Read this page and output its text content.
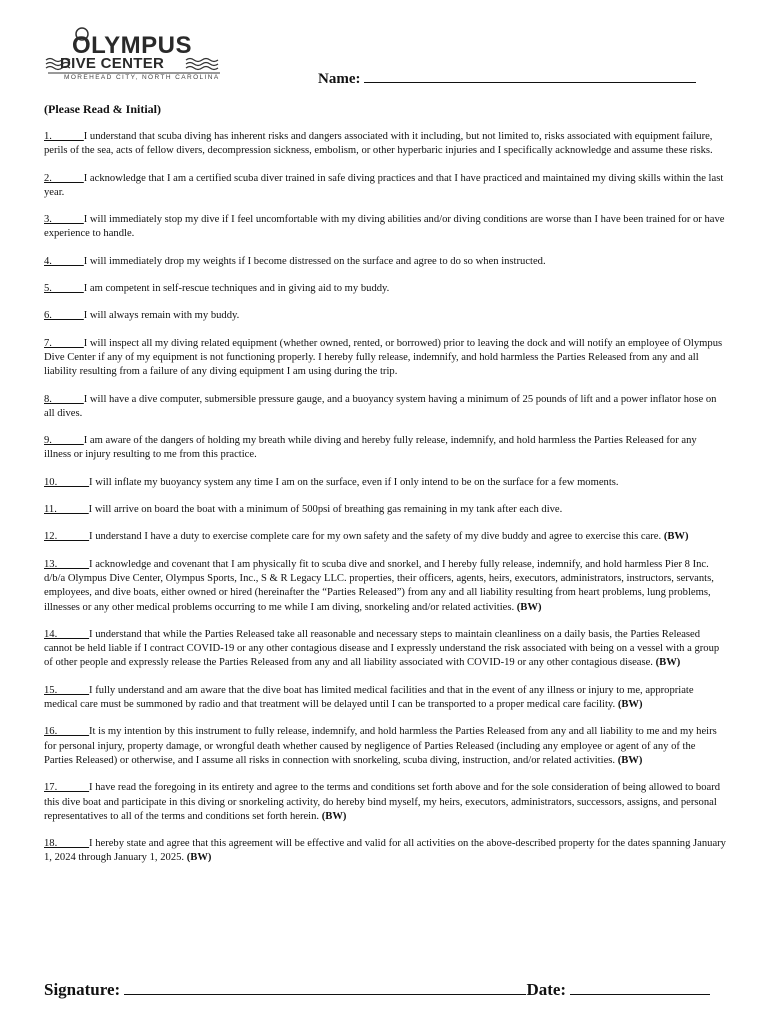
OLYMPUS
DIVE CENTER
MOREHEAD CITY, NORTH CAROLINA	Name:
(Please Read & Initial)
1.______I understand that scuba diving has inherent risks and dangers associated with it including, but not limited to, risks associated with equipment failure, perils of the sea, acts of fellow divers, decompression sickness, embolism, or other hyperbaric injuries and I specifically acknowledge and assume these risks.
2.______I acknowledge that I am a certified scuba diver trained in safe diving practices and that I have practiced and maintained my diving skills within the last year.
3.______I will immediately stop my dive if I feel uncomfortable with my diving abilities and/or diving conditions are worse than I have been trained for or have experience to handle.
4.______I will immediately drop my weights if I become distressed on the surface and agree to do so when instructed.
5.______I am competent in self-rescue techniques and in giving aid to my buddy.
6.______I will always remain with my buddy.
7.______I will inspect all my diving related equipment (whether owned, rented, or borrowed) prior to leaving the dock and will notify an employee of Olympus Dive Center if any of my equipment is not functioning properly. I hereby fully release, indemnify, and hold harmless the Parties Released from any and all liability resulting from a failure of any diving equipment I am using during the trip.
8.______I will have a dive computer, submersible pressure gauge, and a buoyancy system having a minimum of 25 pounds of lift and a power inflator hose on all dives.
9.______I am aware of the dangers of holding my breath while diving and hereby fully release, indemnify, and hold harmless the Parties Released for any illness or injury resulting to me from this practice.
10.______I will inflate my buoyancy system any time I am on the surface, even if I only intend to be on the surface for a few moments.
11.______I will arrive on board the boat with a minimum of 500psi of breathing gas remaining in my tank after each dive.
12.______I understand I have a duty to exercise complete care for my own safety and the safety of my dive buddy and agree to exercise this care. (BW)
13.______I acknowledge and covenant that I am physically fit to scuba dive and snorkel, and I hereby fully release, indemnify, and hold harmless Pier 8 Inc. d/b/a Olympus Dive Center, Olympus Sports, Inc., S & R Legacy LLC. properties, their officers, agents, heirs, executors, administrators, instructors, servants, employees, and dive boats, either owned or hired (hereinafter the “Parties Released”) from any and all liability resulting from heart problems, lung problems, illnesses or any other medical problems occurring to me while I am diving, snorkeling and/or related activities. (BW)
14.______I understand that while the Parties Released take all reasonable and necessary steps to maintain cleanliness on a daily basis, the Parties Released cannot be held liable if I contract COVID-19 or any other contagious disease and I expressly understand the risk associated with being on a vessel with a group of other people and expressly release the Parties Released from any and all liability associated with COVID-19 or any other contagious disease. (BW)
15.______I fully understand and am aware that the dive boat has limited medical facilities and that in the event of any illness or injury to me, appropriate medical care must be summoned by radio and that treatment will be delayed until I can be transported to a proper medical care facility. (BW)
16.______It is my intention by this instrument to fully release, indemnify, and hold harmless the Parties Released from any and all liability to me and my heirs for personal injury, property damage, or wrongful death whether caused by negligence of Parties Released (including any employee or agent of any of the Parties Released) or otherwise, and I assume all risks in connection with snorkeling, scuba diving, instruction, and/or related activities. (BW)
17.______I have read the foregoing in its entirety and agree to the terms and conditions set forth above and for the sole consideration of being allowed to board this dive boat and participate in this diving or snorkeling activity, do hereby bind myself, my heirs, executors, administrators, successors, assigns, and personal representatives to all of the terms and conditions set forth herein. (BW)
18.______I hereby state and agree that this agreement will be effective and valid for all activities on the above-described property for the dates spanning January 1, 2024 through January 1, 2025. (BW)
Signature:	Date:
